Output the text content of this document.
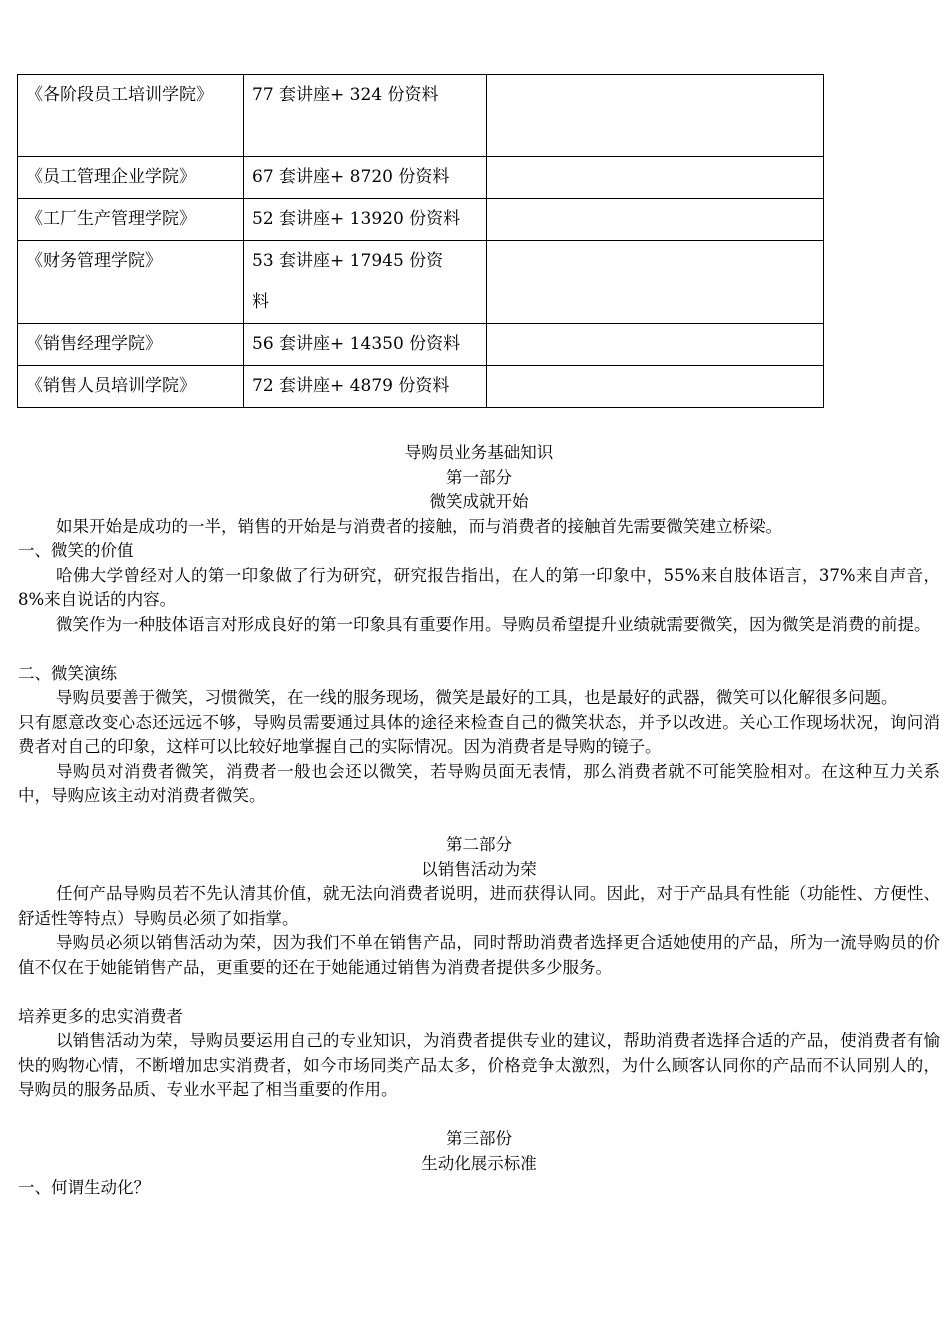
《各阶段员工培训学院》	77 套讲座+ 324 份资料	
《员工管理企业学院》	67 套讲座+ 8720 份资料	
《工厂生产管理学院》	52 套讲座+ 13920 份资料	
《财务管理学院》	53 套讲座+ 17945 份资料	
《销售经理学院》	56 套讲座+ 14350 份资料	
《销售人员培训学院》	72 套讲座+ 4879 份资料	

导购员业务基础知识

第一部分

微笑成就开始

如果开始是成功的一半，销售的开始是与消费者的接触，而与消费者的接触首先需要微笑建立桥梁。

一、微笑的价值

哈佛大学曾经对人的第一印象做了行为研究，研究报告指出，在人的第一印象中，55%来自肢体语言，37%来自声音，8%来自说话的内容。

微笑作为一种肢体语言对形成良好的第一印象具有重要作用。导购员希望提升业绩就需要微笑，因为微笑是消费的前提。

二、微笑演练

导购员要善于微笑，习惯微笑，在一线的服务现场，微笑是最好的工具，也是最好的武器，微笑可以化解很多问题。

只有愿意改变心态还远远不够，导购员需要通过具体的途径来检查自己的微笑状态，并予以改进。关心工作现场状况，询问消费者对自己的印象，这样可以比较好地掌握自己的实际情况。因为消费者是导购的镜子。

导购员对消费者微笑，消费者一般也会还以微笑，若导购员面无表情，那么消费者就不可能笑脸相对。在这种互力关系中，导购应该主动对消费者微笑。

第二部分

以销售活动为荣

任何产品导购员若不先认清其价值，就无法向消费者说明，进而获得认同。因此，对于产品具有性能（功能性、方便性、舒适性等特点）导购员必须了如指掌。

导购员必须以销售活动为荣，因为我们不单在销售产品，同时帮助消费者选择更合适她使用的产品，所为一流导购员的价值不仅在于她能销售产品，更重要的还在于她能通过销售为消费者提供多少服务。

培养更多的忠实消费者

以销售活动为荣，导购员要运用自己的专业知识，为消费者提供专业的建议，帮助消费者选择合适的产品，使消费者有愉快的购物心情，不断增加忠实消费者，如今市场同类产品太多，价格竞争太激烈，为什么顾客认同你的产品而不认同别人的，导购员的服务品质、专业水平起了相当重要的作用。

第三部份

生动化展示标准

一、何谓生动化？
